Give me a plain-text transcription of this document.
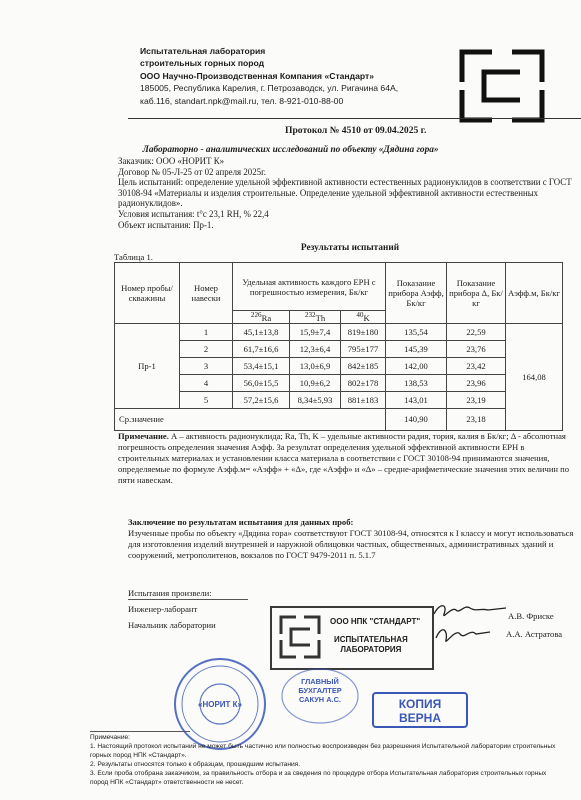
Испытательная лаборатория
строительных горных пород
ООО Научно-Производственная Компания «Стандарт»
185005, Республика Карелия, г. Петрозаводск, ул. Ригачина 64А,
каб.116, standart.npk@mail.ru, тел. 8-921-010-88-00
Протокол № 4510 от 09.04.2025 г.
Лабораторно - аналитических исследований по объекту «Дядина гора»
Заказчик: ООО «НОРИТ К»
Договор № 05-Л-25 от 02 апреля 2025г.
Цель испытаний: определение удельной эффективной активности естественных радионуклидов в соответствии с ГОСТ 30108-94 «Материалы и изделия строительные. Определение удельной эффективной активности естественных радионуклидов».
Условия испытания: t°c 23,1 RH, % 22,4
Объект испытания: Пр-1.
Результаты испытаний
Таблица 1.
Номер пробы/ скважины	Номер навески	Удельная активность каждого ЕРН с погрешностью измерения, Бк/кг			Показание прибора Аэфф, Бк/кг	Показание прибора Δ, Бк/кг	Аэфф.м, Бк/кг
		$^{226}$Ra	$^{232}$Th	$^{40}$K			
Пр-1	1	45,1±13,8	15,9±7,4	819±180	135,54	22,59	164,08
	2	61,7±16,6	12,3±6,4	795±177	145,39	23,76	
	3	53,4±15,1	13,0±6,9	842±185	142,00	23,42	
	4	56,0±15,5	10,9±6,2	802±178	138,53	23,96	
	5	57,2±15,6	8,34±5,93	881±183	143,01	23,19	
Ср.значение					140,90	23,18	
Примечание. А – активность радионуклида; Ra, Th, K – удельные активности радия, тория, калия в Бк/кг; Δ - абсолютная погрешность определения значения Аэфф. За результат определения удельной эффективной активности ЕРН в строительных материалах и установлении класса материала в соответствии с ГОСТ 30108-94 принимаются значения, определяемые по формуле Аэфф.м= «Аэфф» + «Δ», где «Аэфф» и «Δ» – средне-арифметические значения этих величин по пяти навескам.
Заключение по результатам испытания для данных проб:
Изученные пробы по объекту «Дядина гора» соответствуют ГОСТ 30108-94, относятся к I классу и могут использоваться для изготовления изделий внутренней и наружной облицовки частных, общественных, административных зданий и сооружений, метрополитенов, вокзалов по ГОСТ 9479-2011 п. 5.1.7
Испытания произвели:
Инженер-лаборант
Начальник лаборатории
А.В. Фриске
А.А. Астратова
ООО НПК "СТАНДАРТ"
ИСПЫТАТЕЛЬНАЯ
ЛАБОРАТОРИЯ
«НОРИТ К»
ГЛАВНЫЙ БУХГАЛТЕР САКУН А.С.	КОПИЯ
ВЕРНА
Примечание:
1. Настоящий протокол испытаний не может быть частично или полностью воспроизведен без разрешения Испытательной лаборатории строительных горных пород НПК «Стандарт».
2. Результаты относятся только к образцам, прошедшим испытания.
3. Если проба отобрана заказчиком, за правильность отбора и за сведения по процедуре отбора Испытательная лаборатория строительных горных пород НПК «Стандарт» ответственности не несет.
